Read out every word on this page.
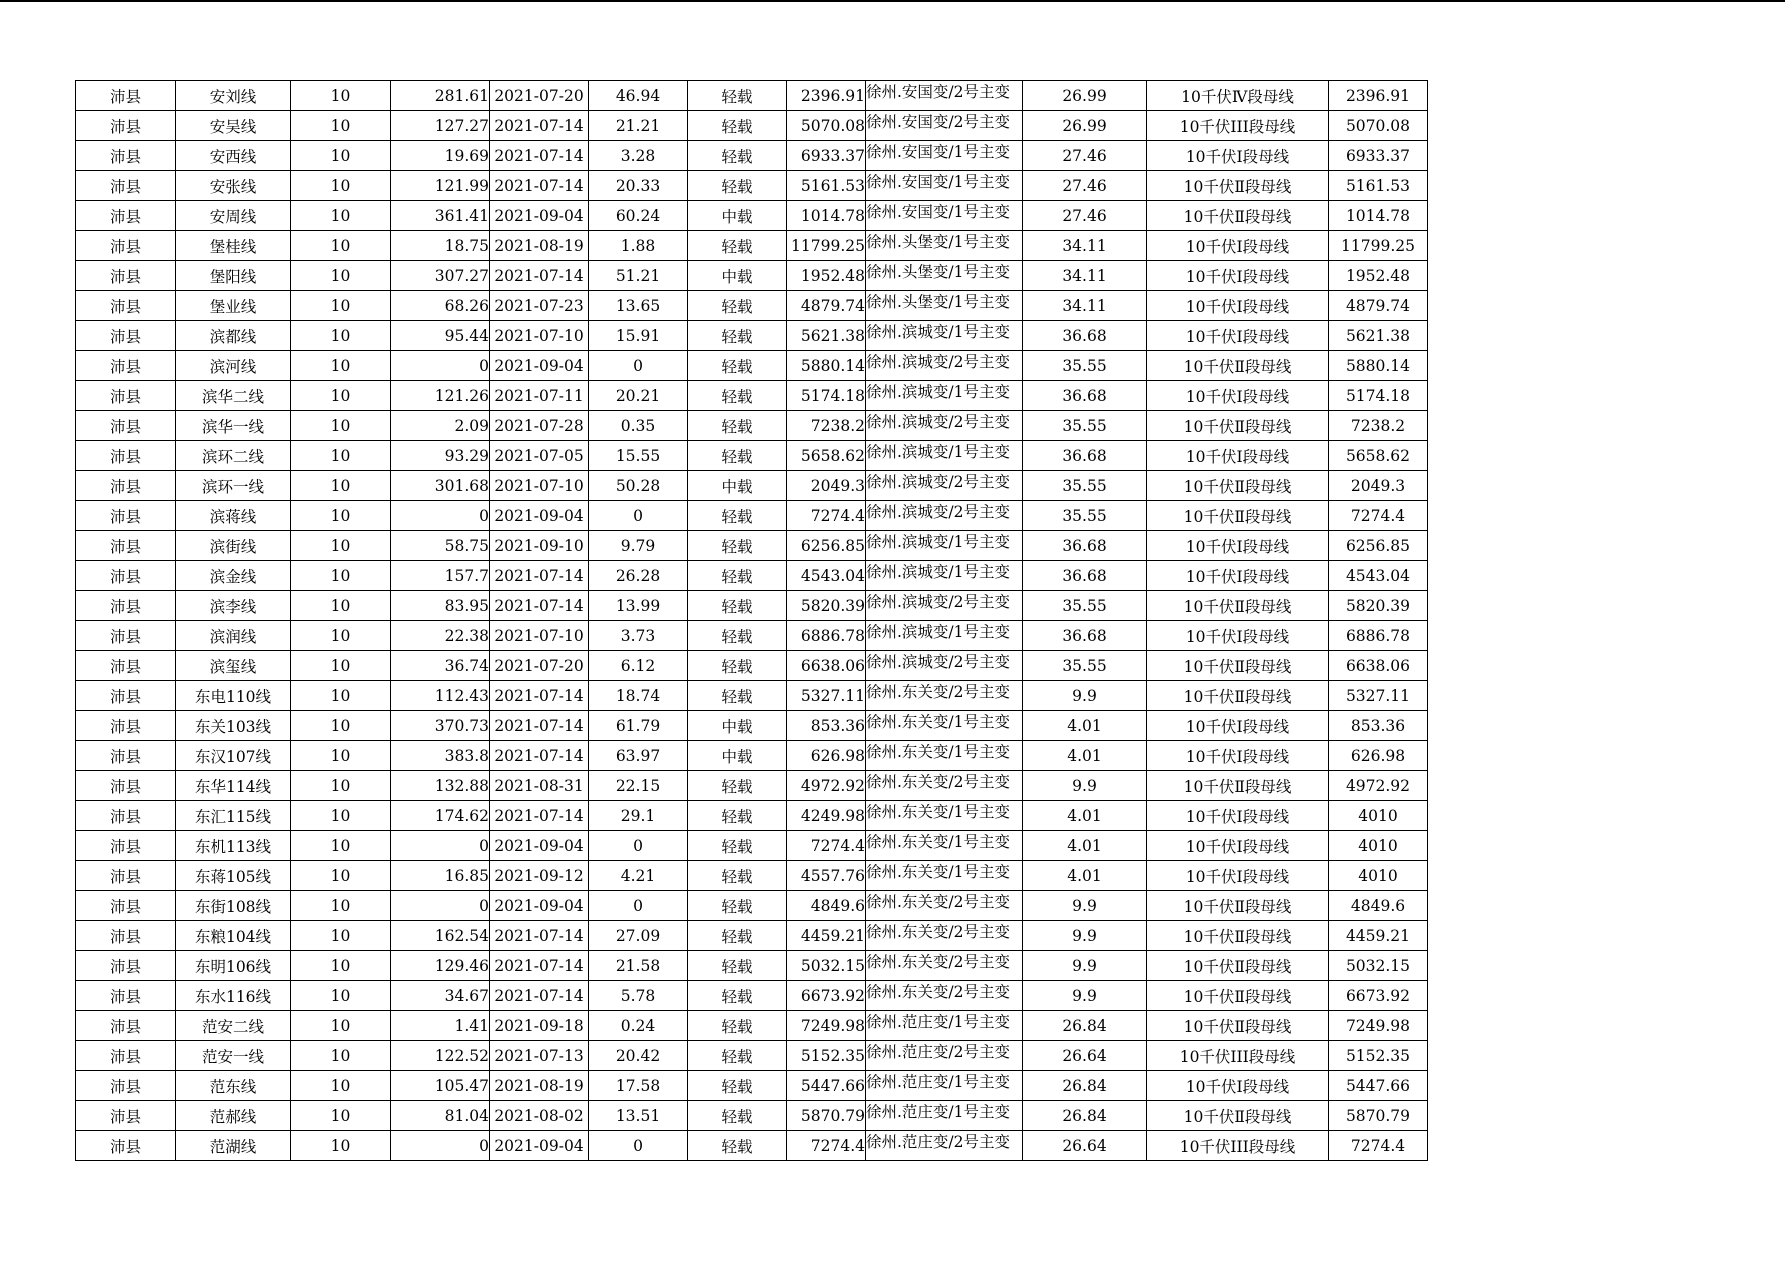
沛县	安刘线	10	281.61	2021-07-20	46.94	轻载	2396.91	徐州.安国变/2号主变	26.99	10千伏Ⅳ段母线	2396.91
沛县	安吴线	10	127.27	2021-07-14	21.21	轻载	5070.08	徐州.安国变/2号主变	26.99	10千伏III段母线	5070.08
沛县	安西线	10	19.69	2021-07-14	3.28	轻载	6933.37	徐州.安国变/1号主变	27.46	10千伏Ⅰ段母线	6933.37
沛县	安张线	10	121.99	2021-07-14	20.33	轻载	5161.53	徐州.安国变/1号主变	27.46	10千伏Ⅱ段母线	5161.53
沛县	安周线	10	361.41	2021-09-04	60.24	中载	1014.78	徐州.安国变/1号主变	27.46	10千伏Ⅱ段母线	1014.78
沛县	堡桂线	10	18.75	2021-08-19	1.88	轻载	11799.25	徐州.头堡变/1号主变	34.11	10千伏Ⅰ段母线	11799.25
沛县	堡阳线	10	307.27	2021-07-14	51.21	中载	1952.48	徐州.头堡变/1号主变	34.11	10千伏Ⅰ段母线	1952.48
沛县	堡业线	10	68.26	2021-07-23	13.65	轻载	4879.74	徐州.头堡变/1号主变	34.11	10千伏Ⅰ段母线	4879.74
沛县	滨都线	10	95.44	2021-07-10	15.91	轻载	5621.38	徐州.滨城变/1号主变	36.68	10千伏Ⅰ段母线	5621.38
沛县	滨河线	10	0	2021-09-04	0	轻载	5880.14	徐州.滨城变/2号主变	35.55	10千伏Ⅱ段母线	5880.14
沛县	滨华二线	10	121.26	2021-07-11	20.21	轻载	5174.18	徐州.滨城变/1号主变	36.68	10千伏Ⅰ段母线	5174.18
沛县	滨华一线	10	2.09	2021-07-28	0.35	轻载	7238.2	徐州.滨城变/2号主变	35.55	10千伏Ⅱ段母线	7238.2
沛县	滨环二线	10	93.29	2021-07-05	15.55	轻载	5658.62	徐州.滨城变/1号主变	36.68	10千伏Ⅰ段母线	5658.62
沛县	滨环一线	10	301.68	2021-07-10	50.28	中载	2049.3	徐州.滨城变/2号主变	35.55	10千伏Ⅱ段母线	2049.3
沛县	滨蒋线	10	0	2021-09-04	0	轻载	7274.4	徐州.滨城变/2号主变	35.55	10千伏Ⅱ段母线	7274.4
沛县	滨街线	10	58.75	2021-09-10	9.79	轻载	6256.85	徐州.滨城变/1号主变	36.68	10千伏Ⅰ段母线	6256.85
沛县	滨金线	10	157.7	2021-07-14	26.28	轻载	4543.04	徐州.滨城变/1号主变	36.68	10千伏Ⅰ段母线	4543.04
沛县	滨李线	10	83.95	2021-07-14	13.99	轻载	5820.39	徐州.滨城变/2号主变	35.55	10千伏Ⅱ段母线	5820.39
沛县	滨润线	10	22.38	2021-07-10	3.73	轻载	6886.78	徐州.滨城变/1号主变	36.68	10千伏Ⅰ段母线	6886.78
沛县	滨玺线	10	36.74	2021-07-20	6.12	轻载	6638.06	徐州.滨城变/2号主变	35.55	10千伏Ⅱ段母线	6638.06
沛县	东电110线	10	112.43	2021-07-14	18.74	轻载	5327.11	徐州.东关变/2号主变	9.9	10千伏Ⅱ段母线	5327.11
沛县	东关103线	10	370.73	2021-07-14	61.79	中载	853.36	徐州.东关变/1号主变	4.01	10千伏Ⅰ段母线	853.36
沛县	东汉107线	10	383.8	2021-07-14	63.97	中载	626.98	徐州.东关变/1号主变	4.01	10千伏Ⅰ段母线	626.98
沛县	东华114线	10	132.88	2021-08-31	22.15	轻载	4972.92	徐州.东关变/2号主变	9.9	10千伏Ⅱ段母线	4972.92
沛县	东汇115线	10	174.62	2021-07-14	29.1	轻载	4249.98	徐州.东关变/1号主变	4.01	10千伏Ⅰ段母线	4010
沛县	东机113线	10	0	2021-09-04	0	轻载	7274.4	徐州.东关变/1号主变	4.01	10千伏Ⅰ段母线	4010
沛县	东蒋105线	10	16.85	2021-09-12	4.21	轻载	4557.76	徐州.东关变/1号主变	4.01	10千伏Ⅰ段母线	4010
沛县	东街108线	10	0	2021-09-04	0	轻载	4849.6	徐州.东关变/2号主变	9.9	10千伏Ⅱ段母线	4849.6
沛县	东粮104线	10	162.54	2021-07-14	27.09	轻载	4459.21	徐州.东关变/2号主变	9.9	10千伏Ⅱ段母线	4459.21
沛县	东明106线	10	129.46	2021-07-14	21.58	轻载	5032.15	徐州.东关变/2号主变	9.9	10千伏Ⅱ段母线	5032.15
沛县	东水116线	10	34.67	2021-07-14	5.78	轻载	6673.92	徐州.东关变/2号主变	9.9	10千伏Ⅱ段母线	6673.92
沛县	范安二线	10	1.41	2021-09-18	0.24	轻载	7249.98	徐州.范庄变/1号主变	26.84	10千伏Ⅱ段母线	7249.98
沛县	范安一线	10	122.52	2021-07-13	20.42	轻载	5152.35	徐州.范庄变/2号主变	26.64	10千伏III段母线	5152.35
沛县	范东线	10	105.47	2021-08-19	17.58	轻载	5447.66	徐州.范庄变/1号主变	26.84	10千伏Ⅰ段母线	5447.66
沛县	范郝线	10	81.04	2021-08-02	13.51	轻载	5870.79	徐州.范庄变/1号主变	26.84	10千伏Ⅱ段母线	5870.79
沛县	范湖线	10	0	2021-09-04	0	轻载	7274.4	徐州.范庄变/2号主变	26.64	10千伏III段母线	7274.4
